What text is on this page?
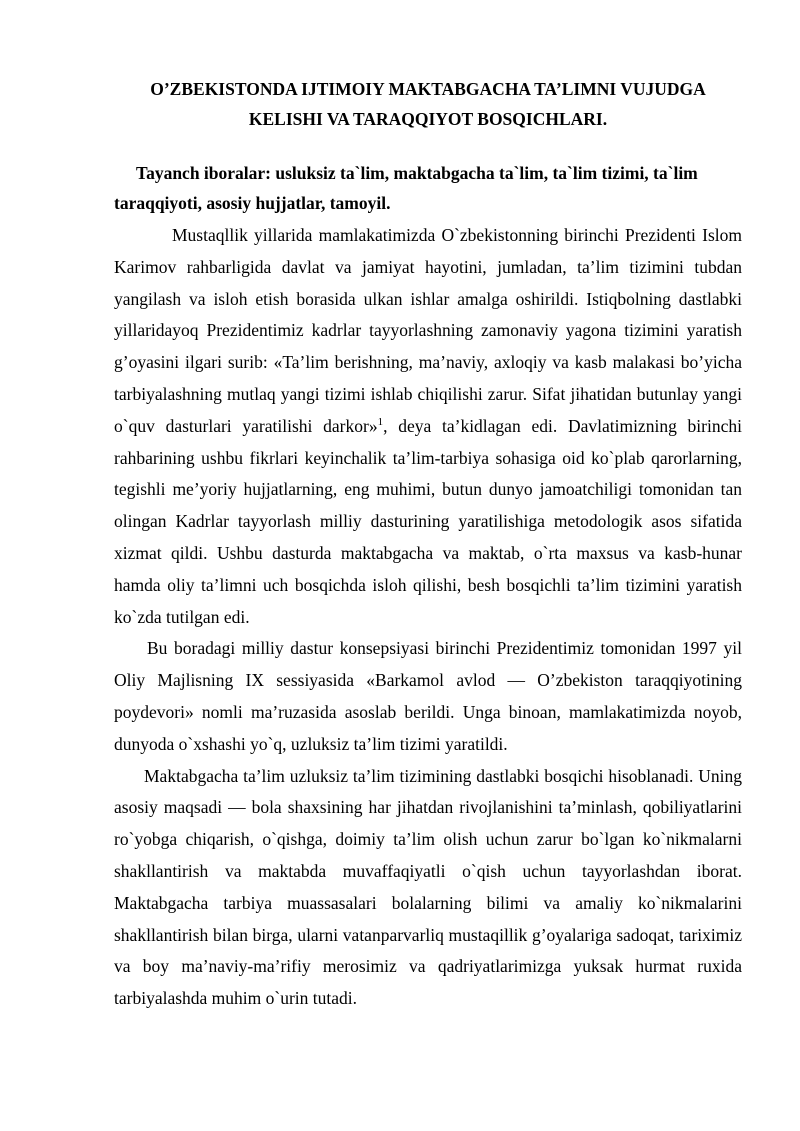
O’ZBEKISTONDA IJTIMOIY MAKTABGACHA TA’LIMNI VUJUDGA
KELISHI VA TARAQQIYOT BOSQICHLARI.

Tayanch iboralar: usluksiz ta`lim, maktabgacha ta`lim, ta`lim tizimi, ta`lim taraqqiyoti, asosiy hujjatlar, tamoyil.

Mustaqllik yillarida mamlakatimizda O`zbekistonning birinchi Prezidenti Islom Karimov rahbarligida davlat va jamiyat hayotini, jumladan, ta’lim tizimini tubdan yangilash va isloh etish borasida ulkan ishlar amalga oshirildi. Istiqbolning dastlabki yillaridayoq Prezidentimiz kadrlar tayyorlashning zamonaviy yagona tizimini yaratish g’oyasini ilgari surib: «Ta’lim berishning, ma’naviy, axloqiy va kasb malakasi bo’yicha tarbiyalashning mutlaq yangi tizimi ishlab chiqilishi zarur. Sifat jihatidan butunlay yangi o`quv dasturlari yaratilishi darkor»$^1$, deya ta’kidlagan edi. Davlatimizning birinchi rahbarining ushbu fikrlari keyinchalik ta’lim-tarbiya sohasiga oid ko`plab qarorlarning, tegishli me’yoriy hujjatlarning, eng muhimi, butun dunyo jamoatchiligi tomonidan tan olingan Kadrlar tayyorlash milliy dasturining yaratilishiga metodologik asos sifatida xizmat qildi. Ushbu dasturda maktabgacha va maktab, o`rta maxsus va kasb-hunar hamda oliy ta’limni uch bosqichda isloh qilishi, besh bosqichli ta’lim tizimini yaratish ko`zda tutilgan edi.

Bu boradagi milliy dastur konsepsiyasi birinchi Prezidentimiz tomonidan 1997 yil Oliy Majlisning IX sessiyasida «Barkamol avlod — O’zbekiston taraqqiyotining poydevori» nomli ma’ruzasida asoslab berildi. Unga binoan, mamlakatimizda noyob, dunyoda o`xshashi yo`q, uzluksiz ta’lim tizimi yaratildi.

Maktabgacha ta’lim uzluksiz ta’lim tizimining dastlabki bosqichi hisoblanadi. Uning asosiy maqsadi — bola shaxsining har jihatdan rivojlanishini ta’minlash, qobiliyatlarini ro`yobga chiqarish, o`qishga, doimiy ta’lim olish uchun zarur bo`lgan ko`nikmalarni shakllantirish va maktabda muvaffaqiyatli o`qish uchun tayyorlashdan iborat. Maktabgacha tarbiya muassasalari bolalarning bilimi va amaliy ko`nikmalarini shakllantirish bilan birga, ularni vatanparvarliq mustaqillik g’oyalariga sadoqat, tariximiz va boy ma’naviy-ma’rifiy merosimiz va qadriyatlarimizga yuksak hurmat ruxida tarbiyalashda muhim o`urin tutadi.
